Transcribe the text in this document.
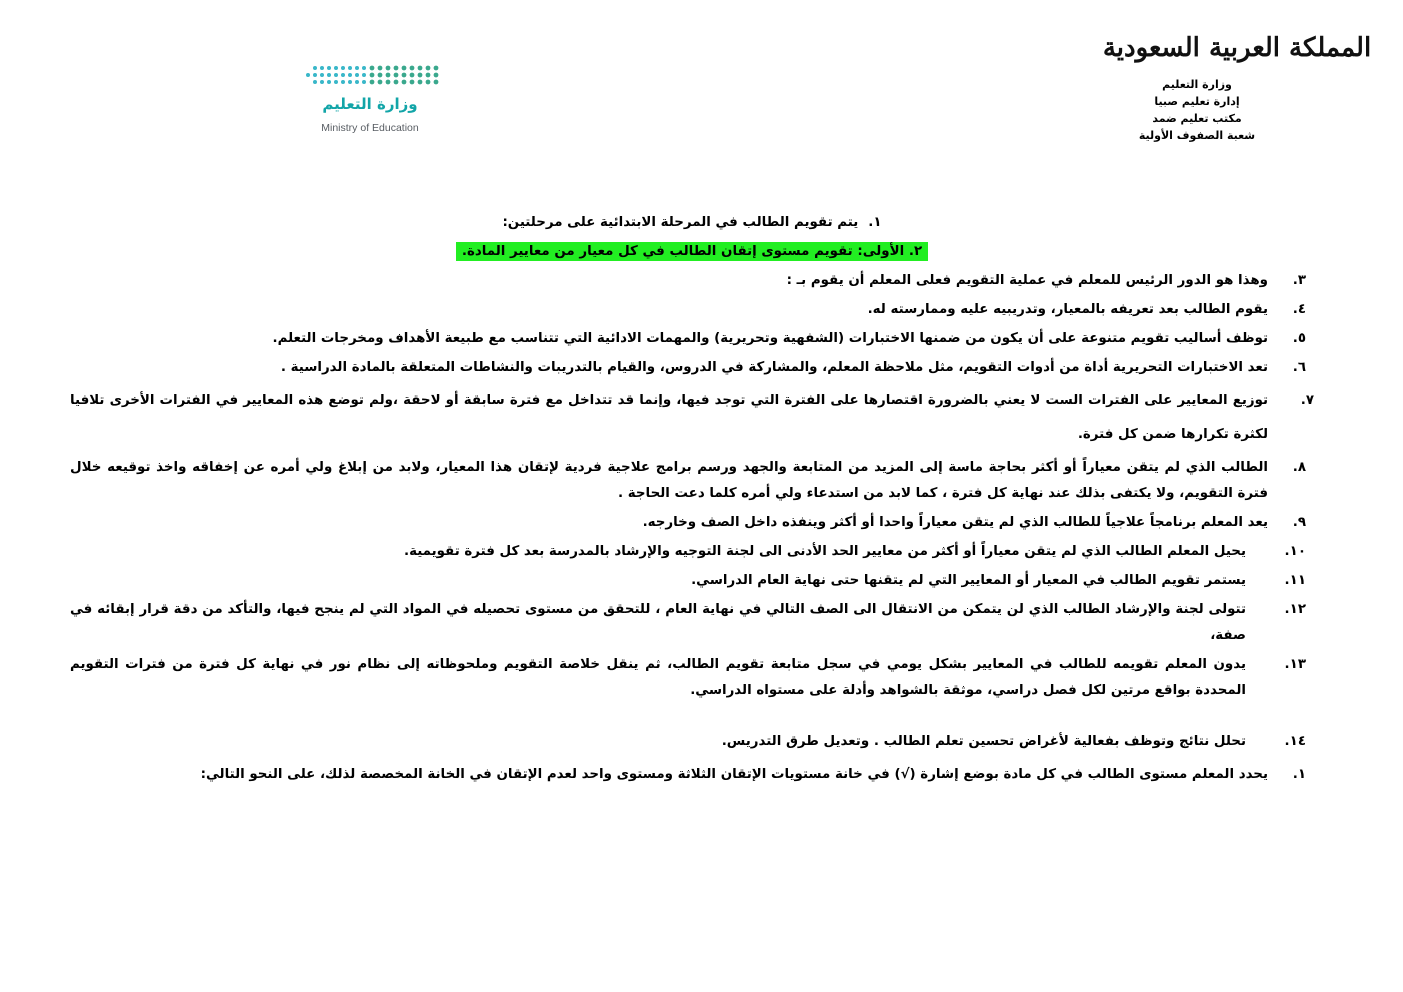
المملكة العربية السعودية
وزارة التعليم
إدارة تعليم صبيا
مكتب تعليم ضمد
شعبة الصفوف الأولية
وزارة التعليم
Ministry of Education
١.يتم تقويم الطالب في المرحلة الابتدائية على مرحلتين:
٢. الأولى: تقويم مستوى إتقان الطالب في كل معيار من معايير المادة.
٣.
وهذا هو الدور الرئيس للمعلم في عملية التقويم فعلى المعلم أن يقوم بـ :
٤.
يقوم الطالب بعد تعريفه بالمعيار، وتدريبيه عليه وممارسته له.
٥.
توظف أساليب تقويم متنوعة على أن يكون من ضمنها الاختبارات (الشفهية وتحريرية) والمهمات الادائية التي تتناسب مع طبيعة الأهداف ومخرجات التعلم.
٦.
تعد الاختبارات التحريرية أداة من أدوات التقويم، مثل ملاحظة المعلم، والمشاركة في الدروس، والقيام بالتدريبات والنشاطات المتعلقة بالمادة الدراسية .
٧.
توزيع المعايير على الفترات الست لا يعني بالضرورة اقتصارها على الفترة التي توجد فيها، وإنما قد تتداخل مع فترة سابقة أو لاحقة ،ولم توضع هذه المعايير في الفترات الأخرى تلافيا لكثرة تكرارها ضمن كل فترة.
٨.
الطالب الذي لم يتقن معياراً أو أكثر بحاجة ماسة إلى المزيد من المتابعة والجهد ورسم برامج علاجية فردية لإتقان هذا المعيار، ولابد من إبلاغ ولي أمره عن إخفاقه واخذ توقيعه خلال فترة التقويم، ولا يكتفى بذلك عند نهاية كل فترة ، كما لابد من استدعاء ولي أمره كلما دعت الحاجة .
٩.
يعد المعلم برنامجاً علاجياً للطالب الذي لم يتقن معياراً واحدا أو أكثر وينفذه داخل الصف وخارجه.
١٠.
يحيل المعلم الطالب الذي لم يتقن معياراً أو أكثر من معايير الحد الأدنى الى لجنة التوجيه والإرشاد بالمدرسة بعد كل فترة تقويمية.
١١.
يستمر تقويم الطالب في المعيار أو المعايير التي لم يتقنها حتى نهاية العام الدراسي.
١٢.
تتولى لجنة والإرشاد الطالب الذي لن يتمكن من الانتقال الى الصف التالي في نهاية العام ، للتحقق من مستوى تحصيله في المواد التي لم ينجح فيها، والتأكد من دقة قرار إبقائه في صفة،
١٣.
يدون المعلم تقويمه للطالب في المعايير بشكل يومي في سجل متابعة تقويم الطالب، ثم ينقل خلاصة التقويم وملحوظاته إلى نظام نور في نهاية كل فترة من فترات التقويم المحددة بواقع مرتين لكل فصل دراسي، موثقة بالشواهد وأدلة على مستواه الدراسي.
١٤.
تحلل نتائج وتوظف بفعالية لأغراض تحسين تعلم الطالب . وتعديل طرق التدريس.
١.
يحدد المعلم مستوى الطالب في كل مادة بوضع إشارة (√) في خانة مستويات الإتقان الثلاثة ومستوى واحد لعدم الإتقان في الخانة المخصصة لذلك، على النحو التالي:
